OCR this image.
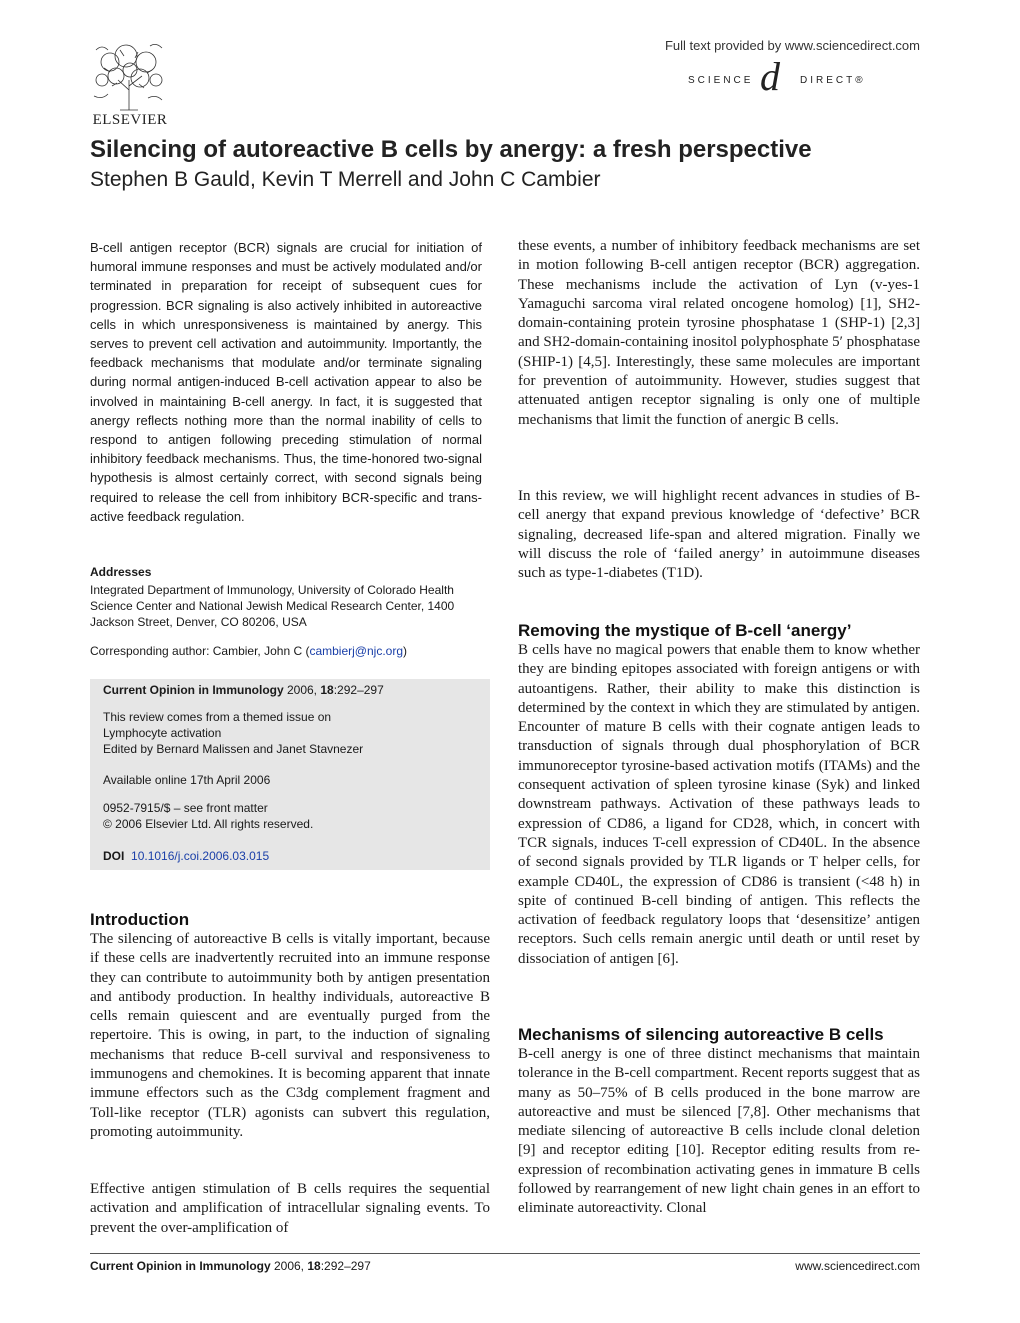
ELSEVIER
Full text provided by www.sciencedirect.com
SCIENCE d DIRECT®
Silencing of autoreactive B cells by anergy: a fresh perspective

Stephen B Gauld, Kevin T Merrell and John C Cambier

B-cell antigen receptor (BCR) signals are crucial for initiation of humoral immune responses and must be actively modulated and/or terminated in preparation for receipt of subsequent cues for progression. BCR signaling is also actively inhibited in autoreactive cells in which unresponsiveness is maintained by anergy. This serves to prevent cell activation and autoimmunity. Importantly, the feedback mechanisms that modulate and/or terminate signaling during normal antigen-induced B-cell activation appear to also be involved in maintaining B-cell anergy. In fact, it is suggested that anergy reflects nothing more than the normal inability of cells to respond to antigen following preceding stimulation of normal inhibitory feedback mechanisms. Thus, the time-honored two-signal hypothesis is almost certainly correct, with second signals being required to release the cell from inhibitory BCR-specific and trans-active feedback regulation.

Addresses

Integrated Department of Immunology, University of Colorado Health Science Center and National Jewish Medical Research Center, 1400 Jackson Street, Denver, CO 80206, USA

Corresponding author: Cambier, John C (cambierj@njc.org)

Current Opinion in Immunology 2006, 18:292–297
This review comes from a themed issue on
Lymphocyte activation
Edited by Bernard Malissen and Janet Stavnezer
Available online 17th April 2006
0952-7915/$ – see front matter
© 2006 Elsevier Ltd. All rights reserved.
DOI 10.1016/j.coi.2006.03.015
Introduction

The silencing of autoreactive B cells is vitally important, because if these cells are inadvertently recruited into an immune response they can contribute to autoimmunity both by antigen presentation and antibody production. In healthy individuals, autoreactive B cells remain quiescent and are eventually purged from the repertoire. This is owing, in part, to the induction of signaling mechanisms that reduce B-cell survival and responsiveness to immunogens and chemokines. It is becoming apparent that innate immune effectors such as the C3dg complement fragment and Toll-like receptor (TLR) agonists can subvert this regulation, promoting autoimmunity.

Effective antigen stimulation of B cells requires the sequential activation and amplification of intracellular signaling events. To prevent the over-amplification of

these events, a number of inhibitory feedback mechanisms are set in motion following B-cell antigen receptor (BCR) aggregation. These mechanisms include the activation of Lyn (v-yes-1 Yamaguchi sarcoma viral related oncogene homolog) [1], SH2-domain-containing protein tyrosine phosphatase 1 (SHP-1) [2,3] and SH2-domain-containing inositol polyphosphate 5′ phosphatase (SHIP-1) [4,5]. Interestingly, these same molecules are important for prevention of autoimmunity. However, studies suggest that attenuated antigen receptor signaling is only one of multiple mechanisms that limit the function of anergic B cells.

In this review, we will highlight recent advances in studies of B-cell anergy that expand previous knowledge of ‘defective’ BCR signaling, decreased life-span and altered migration. Finally we will discuss the role of ‘failed anergy’ in autoimmune diseases such as type-1-diabetes (T1D).

Removing the mystique of B-cell ‘anergy’

B cells have no magical powers that enable them to know whether they are binding epitopes associated with foreign antigens or with autoantigens. Rather, their ability to make this distinction is determined by the context in which they are stimulated by antigen. Encounter of mature B cells with their cognate antigen leads to transduction of signals through dual phosphorylation of BCR immunoreceptor tyrosine-based activation motifs (ITAMs) and the consequent activation of spleen tyrosine kinase (Syk) and linked downstream pathways. Activation of these pathways leads to expression of CD86, a ligand for CD28, which, in concert with TCR signals, induces T-cell expression of CD40L. In the absence of second signals provided by TLR ligands or T helper cells, for example CD40L, the expression of CD86 is transient (<48 h) in spite of continued B-cell binding of antigen. This reflects the activation of feedback regulatory loops that ‘desensitize’ antigen receptors. Such cells remain anergic until death or until reset by dissociation of antigen [6].

Mechanisms of silencing autoreactive B cells

B-cell anergy is one of three distinct mechanisms that maintain tolerance in the B-cell compartment. Recent reports suggest that as many as 50–75% of B cells produced in the bone marrow are autoreactive and must be silenced [7,8]. Other mechanisms that mediate silencing of autoreactive B cells include clonal deletion [9] and receptor editing [10]. Receptor editing results from re-expression of recombination activating genes in immature B cells followed by rearrangement of new light chain genes in an effort to eliminate autoreactivity. Clonal

Current Opinion in Immunology 2006, 18:292–297	www.sciencedirect.com
